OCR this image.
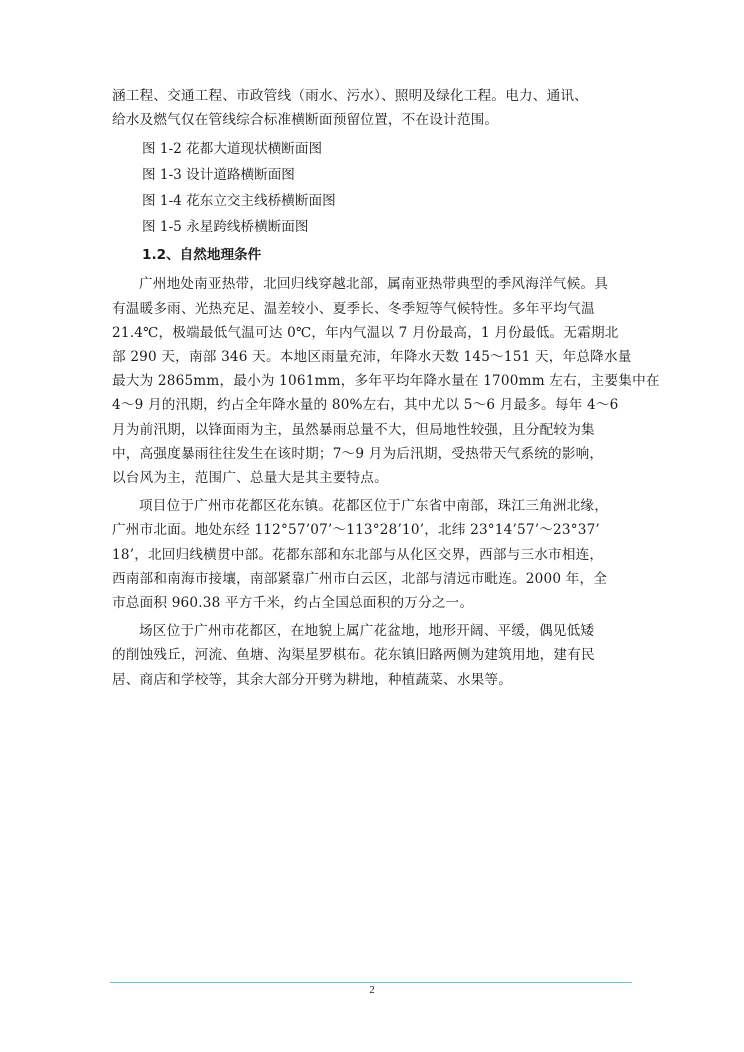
涵工程、交通工程、市政管线（雨水、污水）、照明及绿化工程。电力、通讯、
给水及燃气仅在管线综合标准横断面预留位置，不在设计范围。
图 1-2 花都大道现状横断面图
图 1-3 设计道路横断面图
图 1-4 花东立交主线桥横断面图
图 1-5 永星跨线桥横断面图
1.2、自然地理条件
广州地处南亚热带，北回归线穿越北部，属南亚热带典型的季风海洋气候。具
有温暖多雨、光热充足、温差较小、夏季长、冬季短等气候特性。多年平均气温
21.4℃，极端最低气温可达 0℃，年内气温以 7 月份最高，1 月份最低。无霜期北
部 290 天，南部 346 天。本地区雨量充沛，年降水天数 145～151 天，年总降水量
最大为 2865mm，最小为 1061mm，多年平均年降水量在 1700mm 左右，主要集中在
4～9 月的汛期，约占全年降水量的 80%左右，其中尤以 5～6 月最多。每年 4～6
月为前汛期，以锋面雨为主，虽然暴雨总量不大，但局地性较强，且分配较为集
中，高强度暴雨往往发生在该时期；7～9 月为后汛期，受热带天气系统的影响，
以台风为主，范围广、总量大是其主要特点。
项目位于广州市花都区花东镇。花都区位于广东省中南部，珠江三角洲北缘，
广州市北面。地处东经 112°57’07’～113°28’10’，北纬 23°14’57’～23°37’
18’，北回归线横贯中部。花都东部和东北部与从化区交界，西部与三水市相连，
西南部和南海市接壤，南部紧靠广州市白云区，北部与清远市毗连。2000 年，全
市总面积 960.38 平方千米，约占全国总面积的万分之一。
场区位于广州市花都区，在地貌上属广花盆地，地形开阔、平缓，偶见低矮
的削蚀残丘，河流、鱼塘、沟渠星罗棋布。花东镇旧路两侧为建筑用地，建有民
居、商店和学校等，其余大部分开劈为耕地，种植蔬菜、水果等。
2
